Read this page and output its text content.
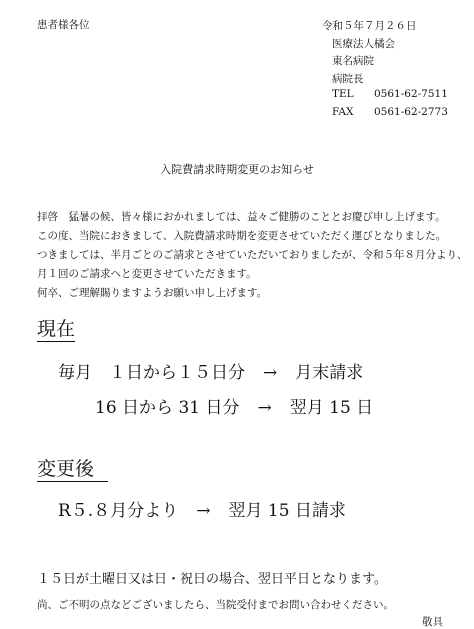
患者様各位	令和５年７月２６日
医療法人橘会
東名病院
病院長
TEL 0561-62-7511
FAX 0561-62-2773
入院費請求時期変更のお知らせ
拝啓　猛暑の候、皆々様におかれましては、益々ご健勝のこととお慶び申し上げます。
この度、当院におきまして、入院費請求時期を変更させていただく運びとなりました。
つきましては、半月ごとのご請求とさせていただいておりましたが、令和５年８月分より、
月１回のご請求へと変更させていただきます。
何卒、ご理解賜りますようお願い申し上げます。
現在
毎月　１日から１５日分 → 月末請求
16 日から 31 日分 → 翌月 15 日
変更後
R５.８月分より → 翌月 15 日請求
１５日が土曜日又は日・祝日の場合、翌日平日となります。
尚、ご不明の点などございましたら、当院受付までお問い合わせください。
敬具
